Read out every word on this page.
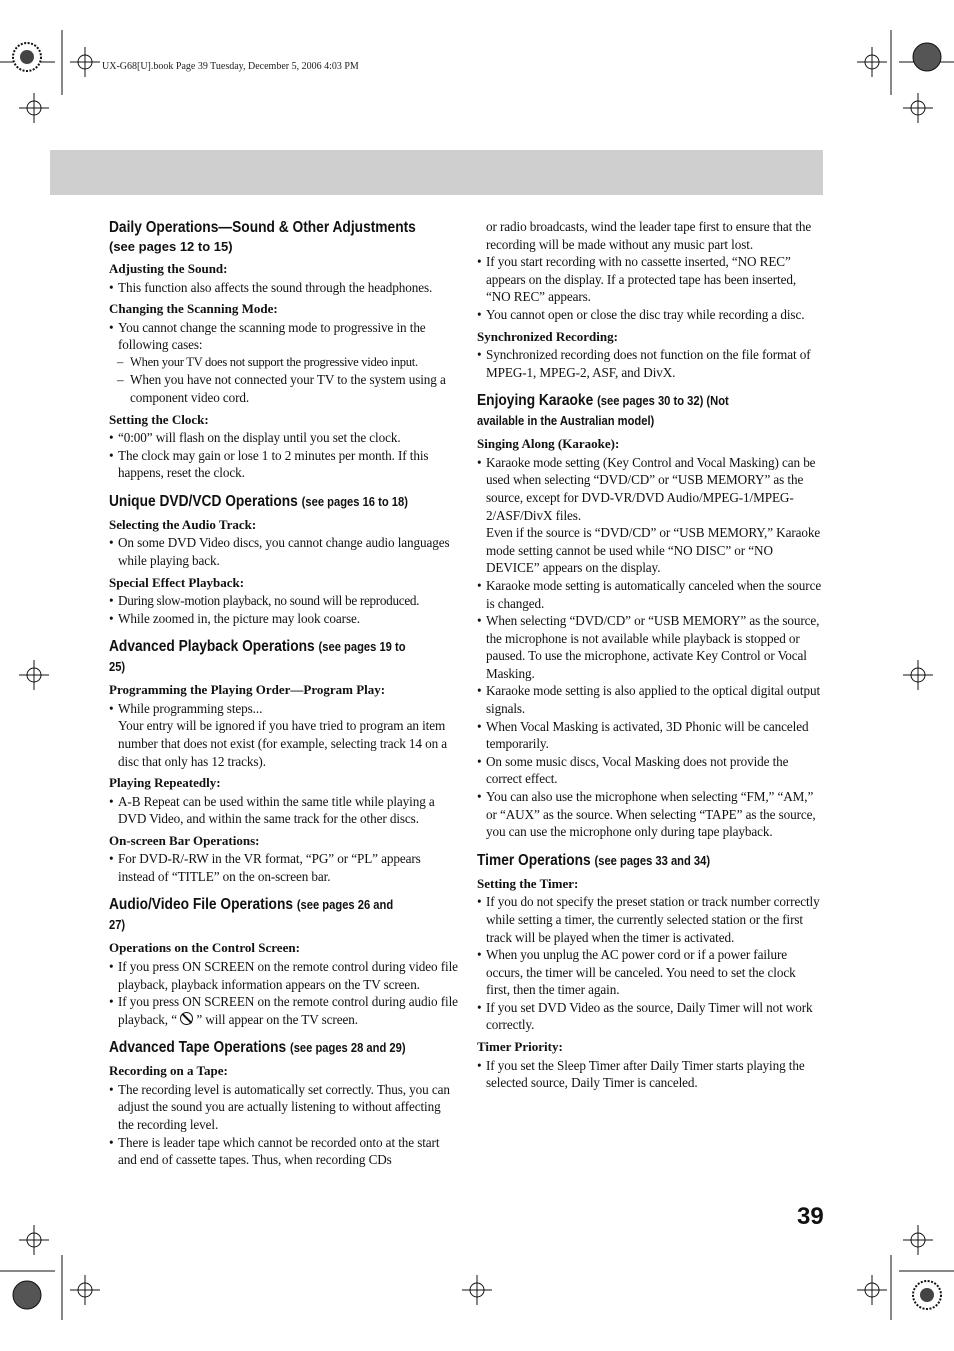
UX-G68[U].book Page 39 Tuesday, December 5, 2006 4:03 PM
Daily Operations—Sound & Other Adjustments
(see pages 12 to 15)
Adjusting the Sound:
• This function also affects the sound through the headphones.
Changing the Scanning Mode:
• You cannot change the scanning mode to progressive in the following cases:
– When your TV does not support the progressive video input.
– When you have not connected your TV to the system using a component video cord.
Setting the Clock:
• “0:00” will flash on the display until you set the clock.
• The clock may gain or lose 1 to 2 minutes per month. If this happens, reset the clock.
Unique DVD/VCD Operations (see pages 16 to 18)
Selecting the Audio Track:
• On some DVD Video discs, you cannot change audio languages while playing back.
Special Effect Playback:
• During slow-motion playback, no sound will be reproduced.
• While zoomed in, the picture may look coarse.
Advanced Playback Operations (see pages 19 to 25)
Programming the Playing Order—Program Play:
• While programming steps...
Your entry will be ignored if you have tried to program an item number that does not exist (for example, selecting track 14 on a disc that only has 12 tracks).
Playing Repeatedly:
• A-B Repeat can be used within the same title while playing a DVD Video, and within the same track for the other discs.
On-screen Bar Operations:
• For DVD-R/-RW in the VR format, “PG” or “PL” appears instead of “TITLE” on the on-screen bar.
Audio/Video File Operations (see pages 26 and 27)
Operations on the Control Screen:
• If you press ON SCREEN on the remote control during video file playback, playback information appears on the TV screen.
• If you press ON SCREEN on the remote control during audio file playback, “  ” will appear on the TV screen.
Advanced Tape Operations (see pages 28 and 29)
Recording on a Tape:
• The recording level is automatically set correctly. Thus, you can adjust the sound you are actually listening to without affecting the recording level.
• There is leader tape which cannot be recorded onto at the start and end of cassette tapes. Thus, when recording CDs
or radio broadcasts, wind the leader tape first to ensure that the recording will be made without any music part lost.
• If you start recording with no cassette inserted, “NO REC” appears on the display. If a protected tape has been inserted, “NO REC” appears.
• You cannot open or close the disc tray while recording a disc.
Synchronized Recording:
• Synchronized recording does not function on the file format of MPEG-1, MPEG-2, ASF, and DivX.
Enjoying Karaoke (see pages 30 to 32) (Not available in the Australian model)
Singing Along (Karaoke):
• Karaoke mode setting (Key Control and Vocal Masking) can be used when selecting “DVD/CD” or “USB MEMORY” as the source, except for DVD-VR/DVD Audio/MPEG-1/MPEG-2/ASF/DivX files.
Even if the source is “DVD/CD” or “USB MEMORY,” Karaoke mode setting cannot be used while “NO DISC” or “NO DEVICE” appears on the display.
• Karaoke mode setting is automatically canceled when the source is changed.
• When selecting “DVD/CD” or “USB MEMORY” as the source, the microphone is not available while playback is stopped or paused. To use the microphone, activate Key Control or Vocal Masking.
• Karaoke mode setting is also applied to the optical digital output signals.
• When Vocal Masking is activated, 3D Phonic will be canceled temporarily.
• On some music discs, Vocal Masking does not provide the correct effect.
• You can also use the microphone when selecting “FM,” “AM,” or “AUX” as the source. When selecting “TAPE” as the source, you can use the microphone only during tape playback.
Timer Operations (see pages 33 and 34)
Setting the Timer:
• If you do not specify the preset station or track number correctly while setting a timer, the currently selected station or the first track will be played when the timer is activated.
• When you unplug the AC power cord or if a power failure occurs, the timer will be canceled. You need to set the clock first, then the timer again.
• If you set DVD Video as the source, Daily Timer will not work correctly.
Timer Priority:
• If you set the Sleep Timer after Daily Timer starts playing the selected source, Daily Timer is canceled.
39
